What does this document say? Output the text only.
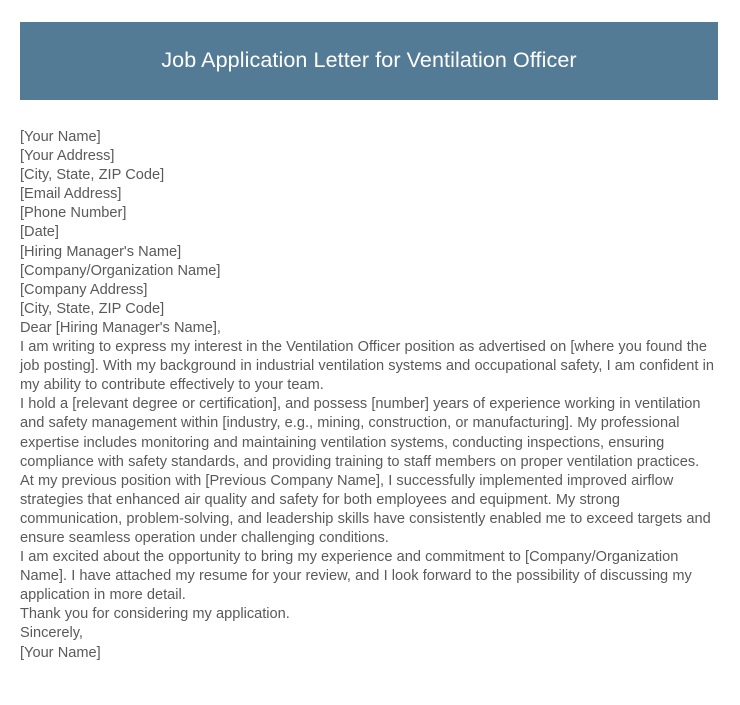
Job Application Letter for Ventilation Officer
[Your Name]
[Your Address]
[City, State, ZIP Code]
[Email Address]
[Phone Number]
[Date]
[Hiring Manager's Name]
[Company/Organization Name]
[Company Address]
[City, State, ZIP Code]
Dear [Hiring Manager's Name],

I am writing to express my interest in the Ventilation Officer position as advertised on [where you found the job posting]. With my background in industrial ventilation systems and occupational safety, I am confident in my ability to contribute effectively to your team.

I hold a [relevant degree or certification], and possess [number] years of experience working in ventilation and safety management within [industry, e.g., mining, construction, or manufacturing]. My professional expertise includes monitoring and maintaining ventilation systems, conducting inspections, ensuring compliance with safety standards, and providing training to staff members on proper ventilation practices.

At my previous position with [Previous Company Name], I successfully implemented improved airflow strategies that enhanced air quality and safety for both employees and equipment. My strong communication, problem-solving, and leadership skills have consistently enabled me to exceed targets and ensure seamless operation under challenging conditions.

I am excited about the opportunity to bring my experience and commitment to [Company/Organization Name]. I have attached my resume for your review, and I look forward to the possibility of discussing my application in more detail.

Thank you for considering my application.
Sincerely,
[Your Name]
